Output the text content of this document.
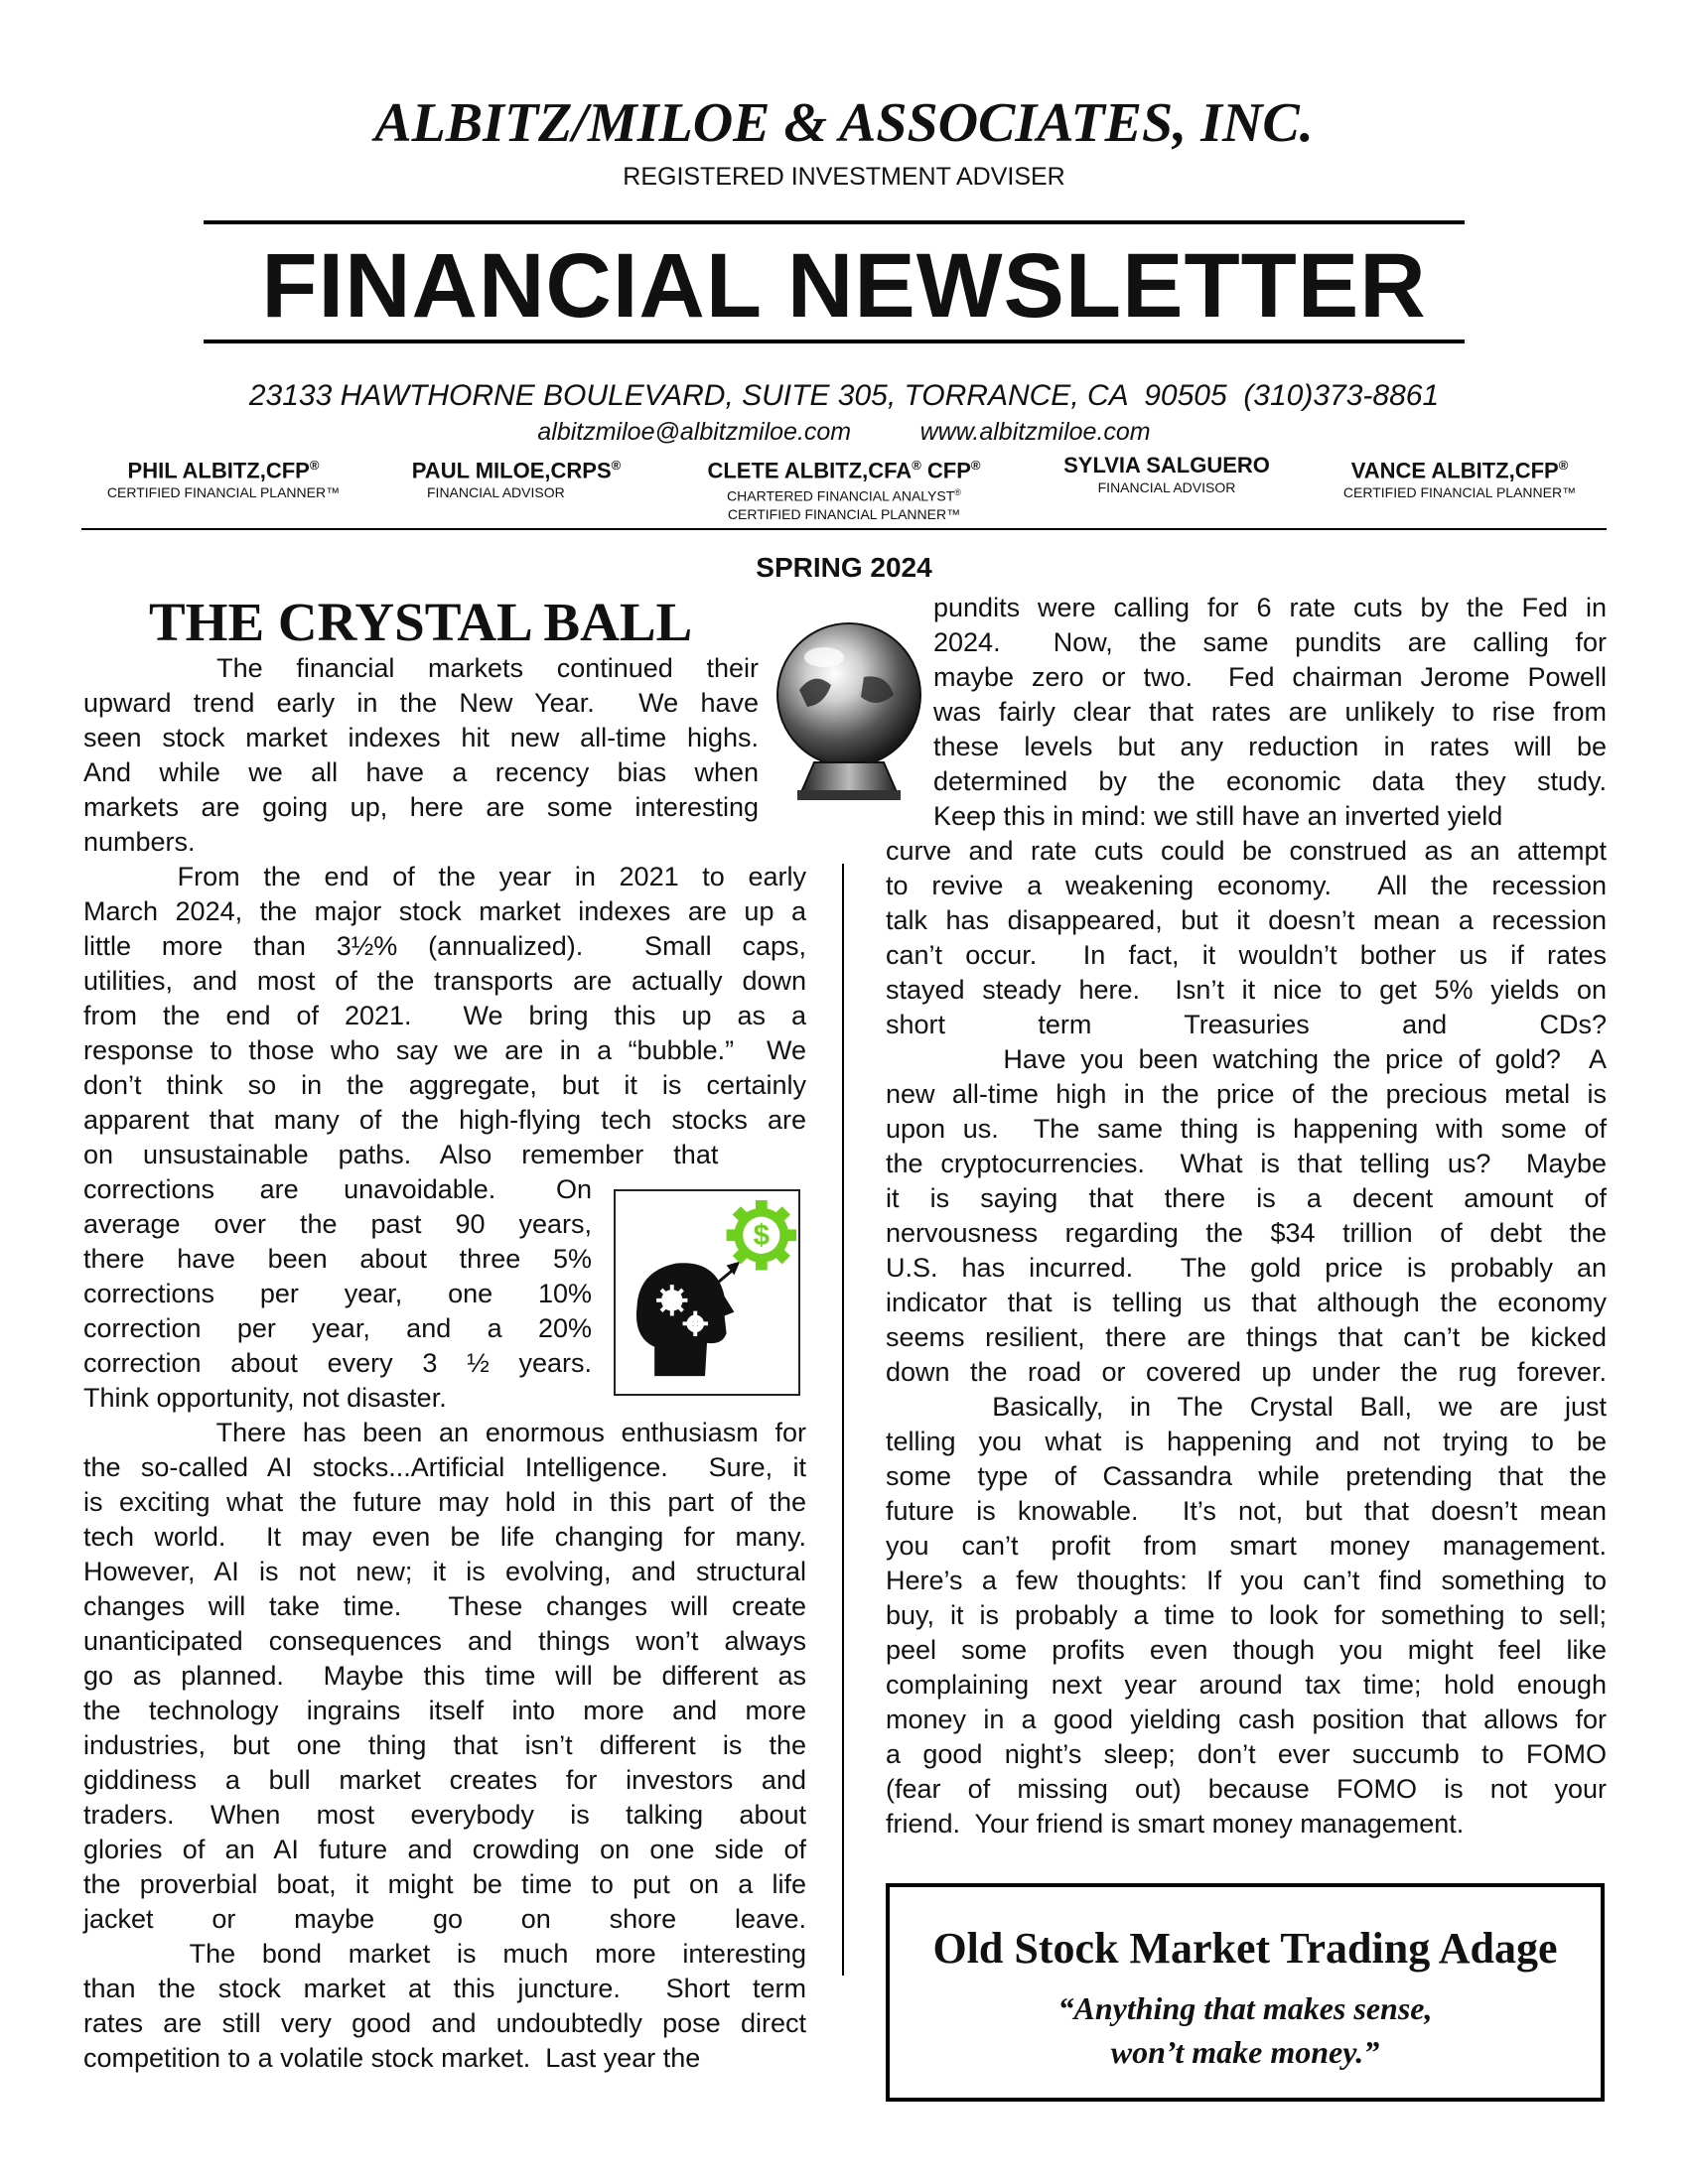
ALBITZ/MILOE & ASSOCIATES, INC.
REGISTERED INVESTMENT ADVISER
FINANCIAL NEWSLETTER
23133 HAWTHORNE BOULEVARD, SUITE 305, TORRANCE, CA  90505  (310)373-8861
albitzmiloe@albitzmiloe.com	www.albitzmiloe.com
PHIL ALBITZ,CFP®
CERTIFIED FINANCIAL PLANNER™
PAUL MILOE,CRPS®
FINANCIAL ADVISOR
CLETE ALBITZ,CFA® CFP®
CHARTERED FINANCIAL ANALYST®
CERTIFIED FINANCIAL PLANNER™
SYLVIA SALGUERO
FINANCIAL ADVISOR
VANCE ALBITZ,CFP®
CERTIFIED FINANCIAL PLANNER™
SPRING 2024
THE CRYSTAL BALL
The  financial  markets  continued  their
upward trend early in the New Year.  We have
seen stock market indexes hit new all-time highs.
And  while  we  all  have  a  recency  bias  when
markets are going up, here are some interesting
numbers.
From  the  end  of  the  year  in  2021  to  early
March 2024, the major stock market indexes are up a
little  more  than  3½%  (annualized).    Small  caps,
utilities, and most of the transports are actually down
from  the  end  of  2021.    We  bring  this  up  as  a
response to those who say we are in a “bubble.”  We
don’t  think  so  in  the  aggregate,  but  it  is  certainly
apparent that many of the high-flying tech stocks are
on    unsustainable    paths.    Also    remember    that
corrections   are   unavoidable.    On
average  over  the  past  90  years,
there  have  been  about  three  5%
corrections    per    year,    one    10%
correction   per   year,   and   a   20%
correction  about  every  3  ½  years.
Think opportunity, not disaster.
There has been an enormous enthusiasm for
the so-called AI stocks...Artificial Intelligence.  Sure, it
is exciting what the future may hold in this part of the
tech world.  It may even be life changing for many.
However, AI is not new; it is evolving, and structural
changes will take time.  These changes will create
unanticipated consequences and things won’t always
go as planned.  Maybe this time will be different as
the  technology  ingrains  itself  into  more  and  more
industries,  but  one  thing  that  isn’t  different  is  the
giddiness  a  bull  market  creates  for  investors  and
traders.  When  most  everybody  is  talking  about
glories of an AI future and crowding on one side of
the proverbial boat, it might be time to put on a life
jacket or maybe go on shore leave.
The  bond  market  is  much  more  interesting
than the stock market at this juncture.  Short term
rates are still very good and undoubtedly pose direct
competition to a volatile stock market.  Last year the
pundits were calling for 6 rate cuts by the Fed in
2024.    Now,  the  same  pundits  are  calling  for
maybe zero or two.  Fed chairman Jerome Powell
was fairly clear that rates are unlikely to rise from
these  levels  but  any  reduction  in  rates  will  be
determined  by  the  economic  data  they  study.
Keep this in mind: we still have an inverted yield
curve and rate cuts could be construed as an attempt
to  revive  a  weakening  economy.    All  the  recession
talk has disappeared, but it doesn’t mean a recession
can’t  occur.    In  fact,  it  wouldn’t  bother  us  if  rates
stayed steady here.  Isn’t it nice to get 5% yields on
short term Treasuries and CDs?
Have you been watching the price of gold?  A
new all-time high in the price of the precious metal is
upon us.  The same thing is happening with some of
the cryptocurrencies.  What is that telling us?  Maybe
it   is   saying   that   there   is   a   decent   amount   of
nervousness  regarding  the  $34  trillion  of  debt  the
U.S. has incurred.  The gold price is probably an
indicator that is telling us that although the economy
seems resilient, there are things that can’t be kicked
down the road or covered up under the rug forever.
Basically,  in  The  Crystal  Ball,  we  are  just
telling  you  what  is  happening  and  not  trying  to  be
some  type  of  Cassandra  while  pretending  that  the
future  is  knowable.    It’s  not,  but  that  doesn’t  mean
you  can’t  profit  from  smart  money  management.
Here’s a few thoughts: If you can’t find something to
buy, it is probably a time to look for something to sell;
peel  some  profits  even  though  you  might  feel  like
complaining next year around tax time; hold enough
money in a good yielding cash position that allows for
a  good  night’s  sleep;  don’t  ever  succumb  to  FOMO
(fear  of  missing  out)  because  FOMO  is  not  your
friend.  Your friend is smart money management.
$
Old Stock Market Trading Adage
“Anything that makes sense,
won’t make money.”
